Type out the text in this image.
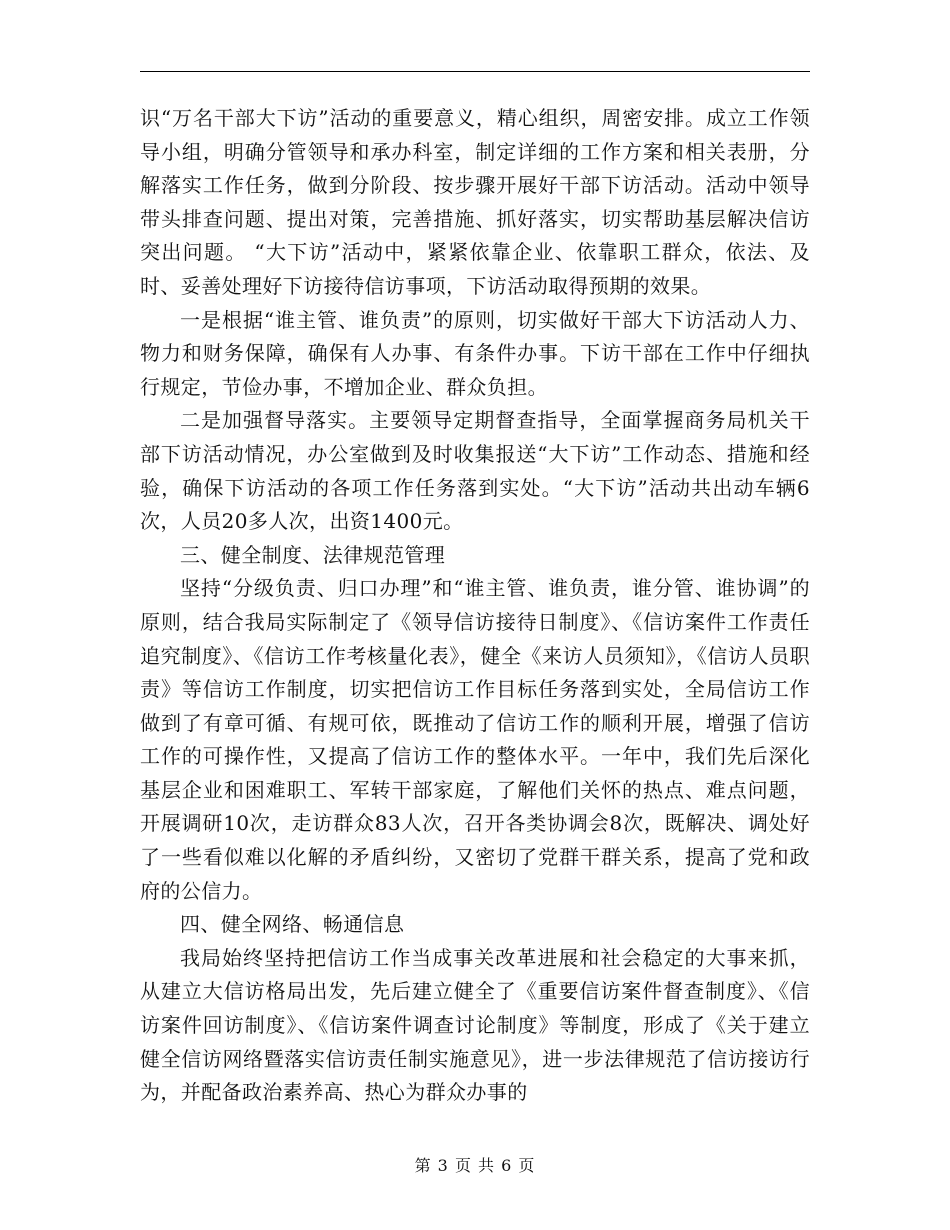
识“万名干部大下访”活动的重要意义，精心组织，周密安排。成立工作领导小组，明确分管领导和承办科室，制定详细的工作方案和相关表册，分解落实工作任务，做到分阶段、按步骤开展好干部下访活动。活动中领导带头排查问题、提出对策，完善措施、抓好落实，切实帮助基层解决信访突出问题。 “大下访”活动中，紧紧依靠企业、依靠职工群众，依法、及时、妥善处理好下访接待信访事项，下访活动取得预期的效果。

一是根据“谁主管、谁负责”的原则，切实做好干部大下访活动人力、物力和财务保障，确保有人办事、有条件办事。下访干部在工作中仔细执行规定，节俭办事，不增加企业、群众负担。

二是加强督导落实。主要领导定期督查指导，全面掌握商务局机关干部下访活动情况，办公室做到及时收集报送“大下访”工作动态、措施和经验，确保下访活动的各项工作任务落到实处。“大下访”活动共出动车辆6次，人员20多人次，出资1400元。

三、健全制度、法律规范管理

坚持“分级负责、归口办理”和“谁主管、谁负责，谁分管、谁协调”的原则，结合我局实际制定了《领导信访接待日制度》、《信访案件工作责任追究制度》、《信访工作考核量化表》，健全《来访人员须知》，《信访人员职责》等信访工作制度，切实把信访工作目标任务落到实处，全局信访工作做到了有章可循、有规可依，既推动了信访工作的顺利开展，增强了信访工作的可操作性，又提高了信访工作的整体水平。一年中，我们先后深化基层企业和困难职工、军转干部家庭，了解他们关怀的热点、难点问题，开展调研10次，走访群众83人次，召开各类协调会8次，既解决、调处好了一些看似难以化解的矛盾纠纷，又密切了党群干群关系，提高了党和政府的公信力。

四、健全网络、畅通信息

我局始终坚持把信访工作当成事关改革进展和社会稳定的大事来抓，从建立大信访格局出发，先后建立健全了《重要信访案件督查制度》、《信访案件回访制度》、《信访案件调查讨论制度》等制度，形成了《关于建立健全信访网络暨落实信访责任制实施意见》，进一步法律规范了信访接访行为，并配备政治素养高、热心为群众办事的

第 3 页 共 6 页
